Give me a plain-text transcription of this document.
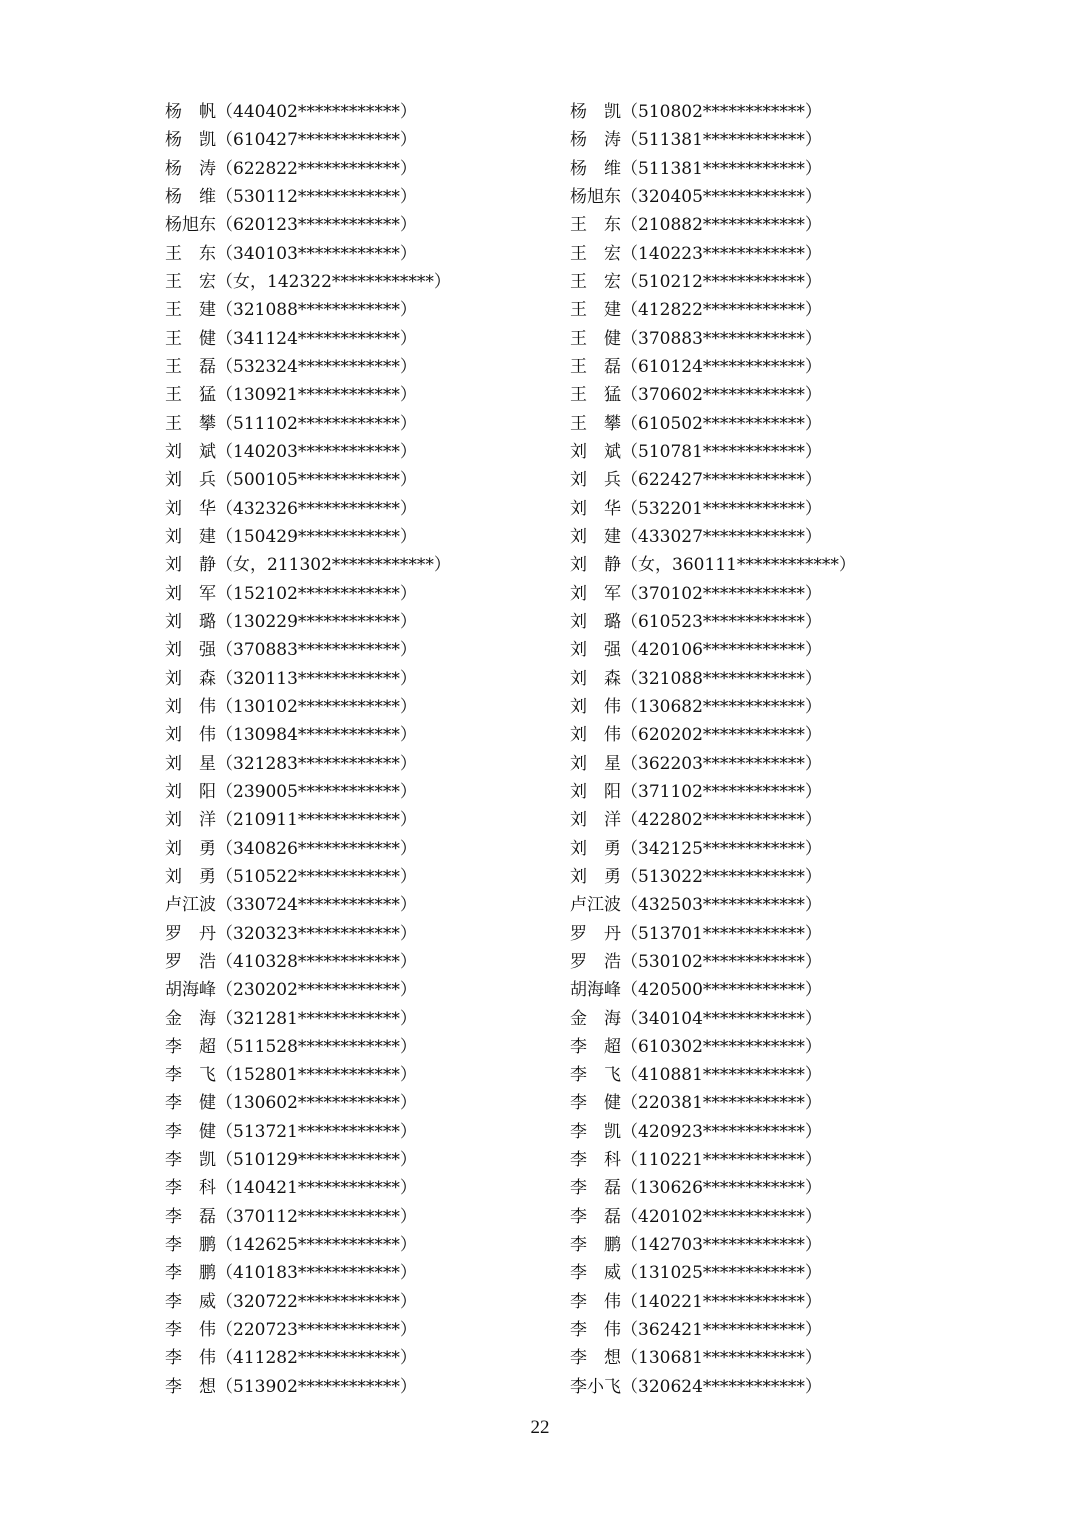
杨　帆（440402************）
杨　凯（610427************）
杨　涛（622822************）
杨　维（530112************）
杨旭东（620123************）
王　东（340103************）
王　宏（女，142322************）
王　建（321088************）
王　健（341124************）
王　磊（532324************）
王　猛（130921************）
王　攀（511102************）
刘　斌（140203************）
刘　兵（500105************）
刘　华（432326************）
刘　建（150429************）
刘　静（女，211302************）
刘　军（152102************）
刘　璐（130229************）
刘　强（370883************）
刘　森（320113************）
刘　伟（130102************）
刘　伟（130984************）
刘　星（321283************）
刘　阳（239005************）
刘　洋（210911************）
刘　勇（340826************）
刘　勇（510522************）
卢江波（330724************）
罗　丹（320323************）
罗　浩（410328************）
胡海峰（230202************）
金　海（321281************）
李　超（511528************）
李　飞（152801************）
李　健（130602************）
李　健（513721************）
李　凯（510129************）
李　科（140421************）
李　磊（370112************）
李　鹏（142625************）
李　鹏（410183************）
李　威（320722************）
李　伟（220723************）
李　伟（411282************）
李　想（513902************）
杨　凯（510802************）
杨　涛（511381************）
杨　维（511381************）
杨旭东（320405************）
王　东（210882************）
王　宏（140223************）
王　宏（510212************）
王　建（412822************）
王　健（370883************）
王　磊（610124************）
王　猛（370602************）
王　攀（610502************）
刘　斌（510781************）
刘　兵（622427************）
刘　华（532201************）
刘　建（433027************）
刘　静（女，360111************）
刘　军（370102************）
刘　璐（610523************）
刘　强（420106************）
刘　森（321088************）
刘　伟（130682************）
刘　伟（620202************）
刘　星（362203************）
刘　阳（371102************）
刘　洋（422802************）
刘　勇（342125************）
刘　勇（513022************）
卢江波（432503************）
罗　丹（513701************）
罗　浩（530102************）
胡海峰（420500************）
金　海（340104************）
李　超（610302************）
李　飞（410881************）
李　健（220381************）
李　凯（420923************）
李　科（110221************）
李　磊（130626************）
李　磊（420102************）
李　鹏（142703************）
李　威（131025************）
李　伟（140221************）
李　伟（362421************）
李　想（130681************）
李小飞（320624************）
22
